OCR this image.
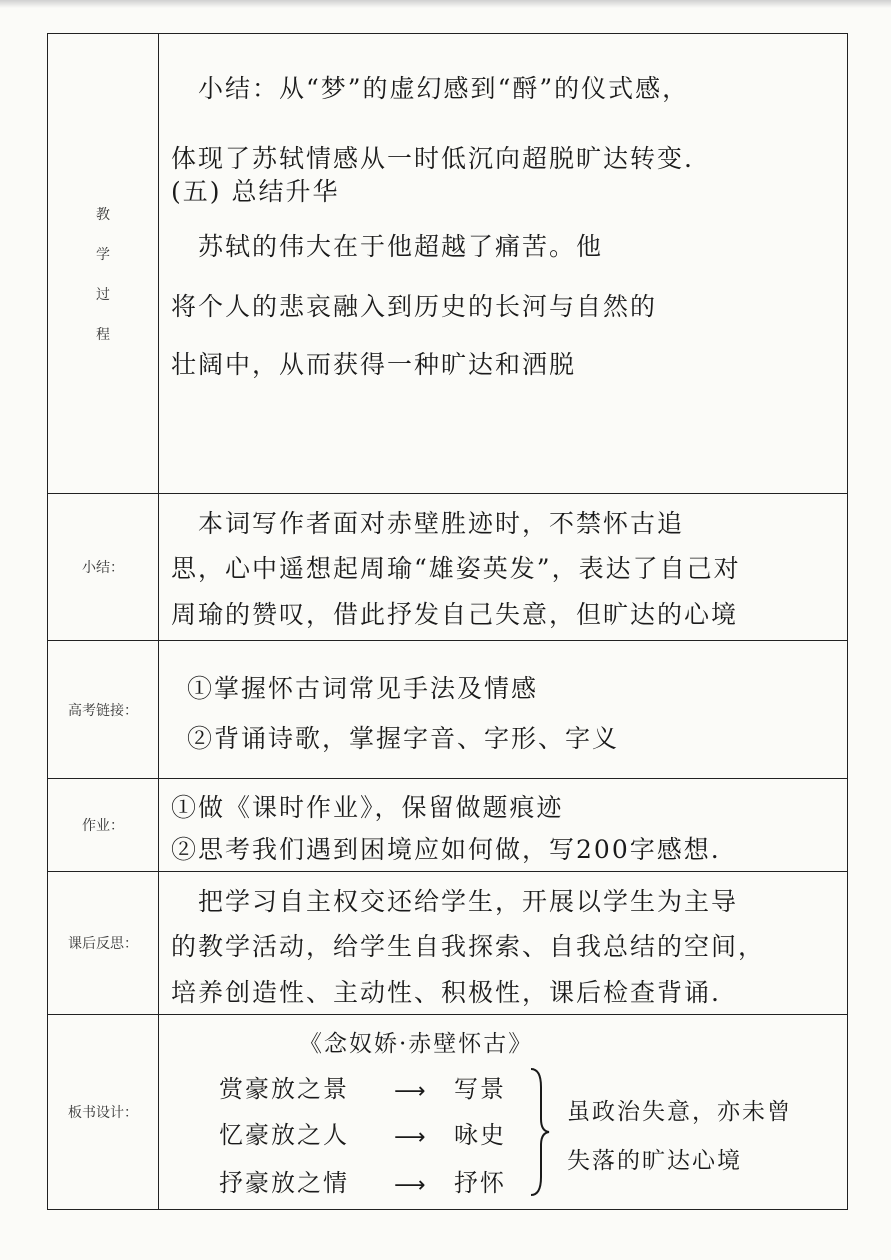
教
学
过
程
　小结：从“梦”的虚幻感到“酹”的仪式感，
体现了苏轼情感从一时低沉向超脱旷达转变.
(五) 总结升华
　苏轼的伟大在于他超越了痛苦。他
将个人的悲哀融入到历史的长河与自然的
壮阔中，从而获得一种旷达和洒脱
小结：
　本词写作者面对赤壁胜迹时，不禁怀古追
思，心中遥想起周瑜“雄姿英发”，表达了自己对
周瑜的赞叹，借此抒发自己失意，但旷达的心境
高考链接：
①掌握怀古词常见手法及情感
②背诵诗歌，掌握字音、字形、字义
作业：
①做《课时作业》，保留做题痕迹
②思考我们遇到困境应如何做，写200字感想.
课后反思：
　把学习自主权交还给学生，开展以学生为主导
的教学活动，给学生自我探索、自我总结的空间，
培养创造性、主动性、积极性，课后检查背诵.
板书设计：
《念奴娇·赤壁怀古》
赏豪放之景
忆豪放之人
抒豪放之情
⟶
⟶
⟶
写景
咏史
抒怀
虽政治失意，亦未曾
失落的旷达心境
